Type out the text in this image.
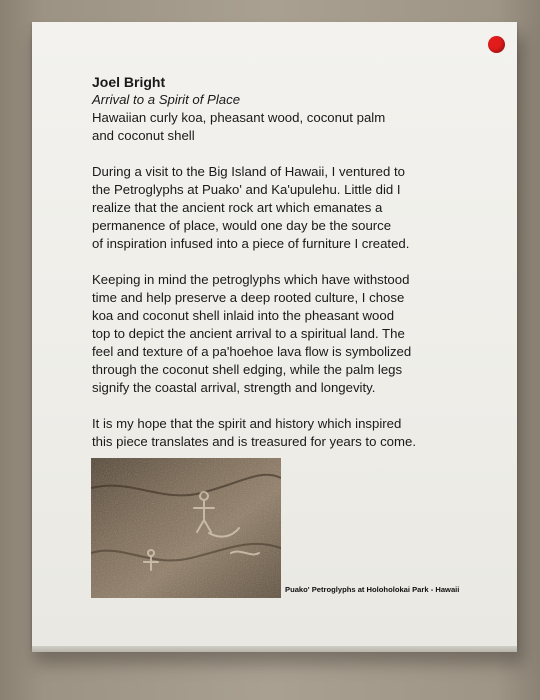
Joel Bright
Arrival to a Spirit of Place
Hawaiian curly koa, pheasant wood, coconut palm
and coconut shell
During a visit to the Big Island of Hawaii, I ventured to
the Petroglyphs at Puako' and Ka'upulehu. Little did I
realize that the ancient rock art which emanates a
permanence of place, would one day be the source
of inspiration infused into a piece of furniture I created.
Keeping in mind the petroglyphs which have withstood
time and help preserve a deep rooted culture, I chose
koa and coconut shell inlaid into the pheasant wood
top to depict the ancient arrival to a spiritual land. The
feel and texture of a pa'hoehoe lava flow is symbolized
through the coconut shell edging, while the palm legs
signify the coastal arrival, strength and longevity.
It is my hope that the spirit and history which inspired
this piece translates and is treasured for years to come.
Puako' Petroglyphs at Holoholokai Park - Hawaii
